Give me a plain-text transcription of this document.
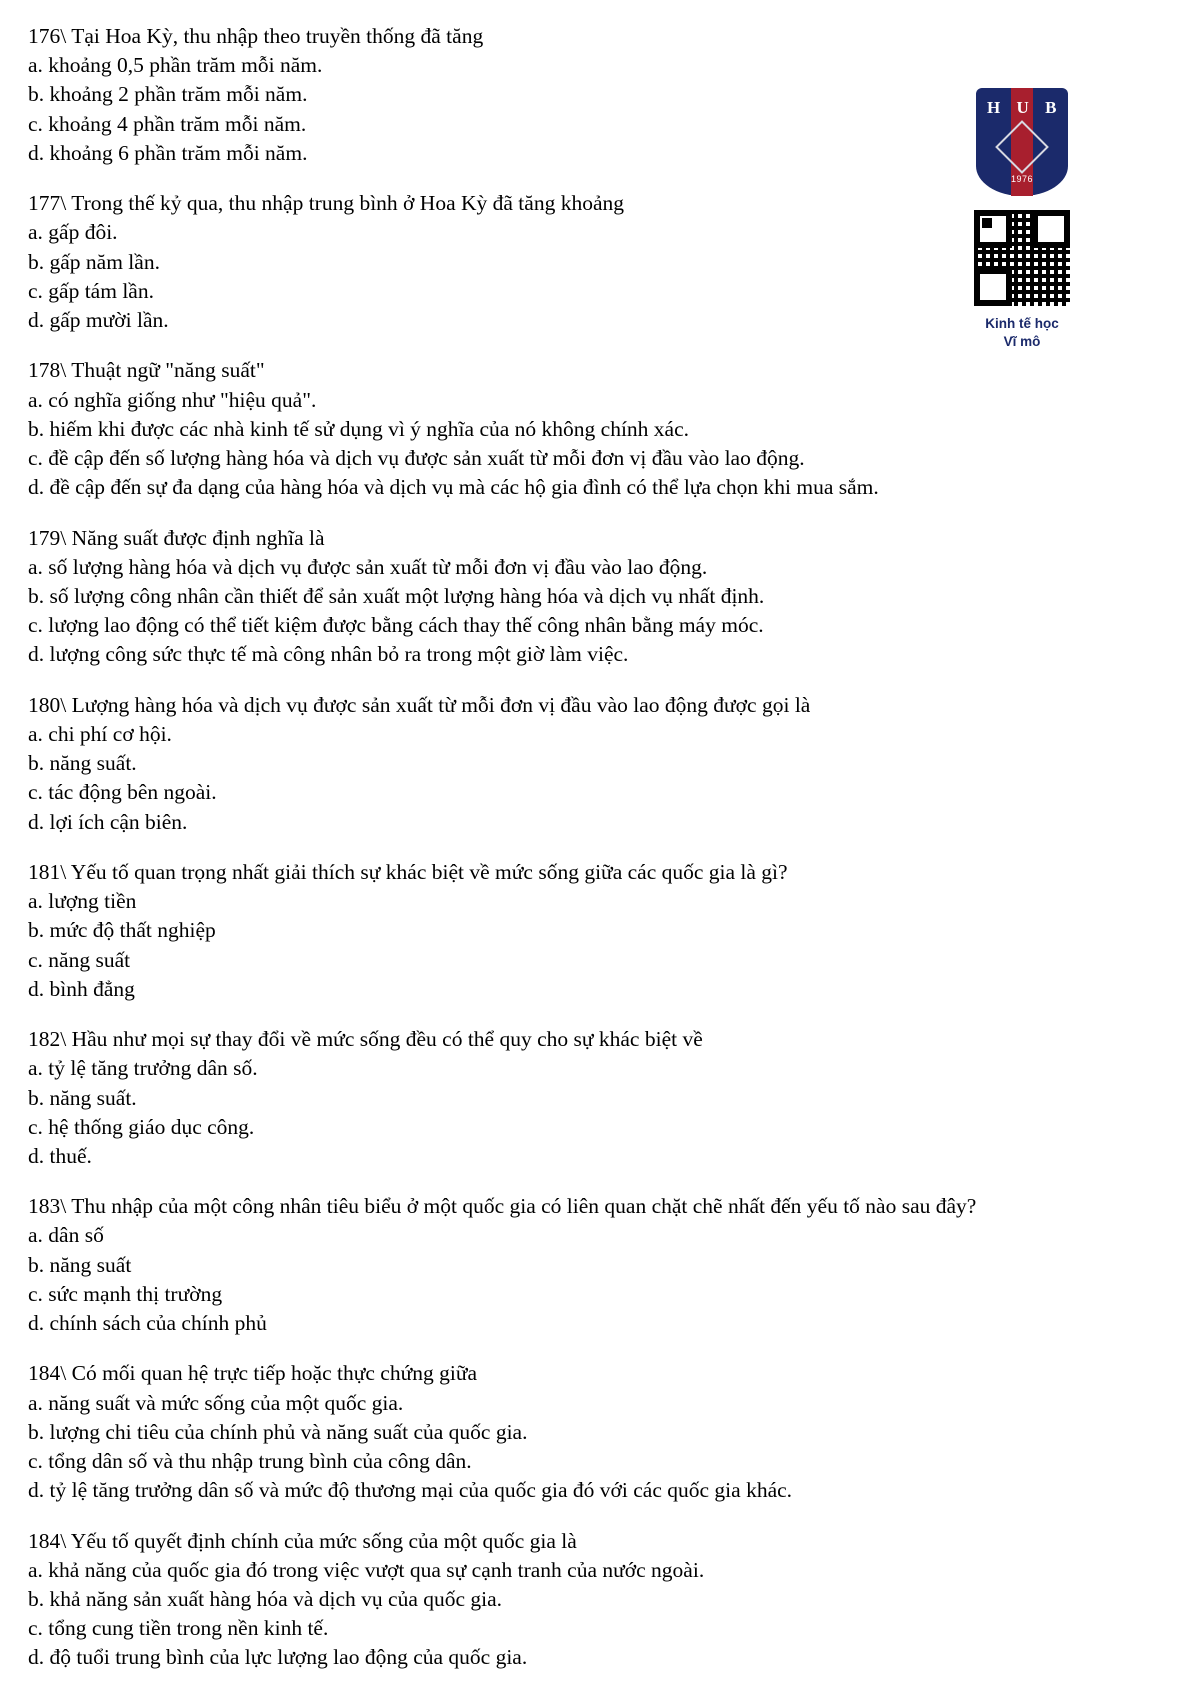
H U B
1976
Kinh tế học
Vĩ mô
176\ Tại Hoa Kỳ, thu nhập theo truyền thống đã tăng
a. khoảng 0,5 phần trăm mỗi năm.
b. khoảng 2 phần trăm mỗi năm.
c. khoảng 4 phần trăm mỗi năm.
d. khoảng 6 phần trăm mỗi năm.
177\ Trong thế kỷ qua, thu nhập trung bình ở Hoa Kỳ đã tăng khoảng
a. gấp đôi.
b. gấp năm lần.
c. gấp tám lần.
d. gấp mười lần.
178\ Thuật ngữ "năng suất"
a. có nghĩa giống như "hiệu quả".
b. hiếm khi được các nhà kinh tế sử dụng vì ý nghĩa của nó không chính xác.
c. đề cập đến số lượng hàng hóa và dịch vụ được sản xuất từ mỗi đơn vị đầu vào lao động.
d. đề cập đến sự đa dạng của hàng hóa và dịch vụ mà các hộ gia đình có thể lựa chọn khi mua sắm.
179\ Năng suất được định nghĩa là
a. số lượng hàng hóa và dịch vụ được sản xuất từ mỗi đơn vị đầu vào lao động.
b. số lượng công nhân cần thiết để sản xuất một lượng hàng hóa và dịch vụ nhất định.
c. lượng lao động có thể tiết kiệm được bằng cách thay thế công nhân bằng máy móc.
d. lượng công sức thực tế mà công nhân bỏ ra trong một giờ làm việc.
180\ Lượng hàng hóa và dịch vụ được sản xuất từ mỗi đơn vị đầu vào lao động được gọi là
a. chi phí cơ hội.
b. năng suất.
c. tác động bên ngoài.
d. lợi ích cận biên.
181\ Yếu tố quan trọng nhất giải thích sự khác biệt về mức sống giữa các quốc gia là gì?
a. lượng tiền
b. mức độ thất nghiệp
c. năng suất
d. bình đẳng
182\ Hầu như mọi sự thay đổi về mức sống đều có thể quy cho sự khác biệt về
a. tỷ lệ tăng trưởng dân số.
b. năng suất.
c. hệ thống giáo dục công.
d. thuế.
183\ Thu nhập của một công nhân tiêu biểu ở một quốc gia có liên quan chặt chẽ nhất đến yếu tố nào sau đây?
a. dân số
b. năng suất
c. sức mạnh thị trường
d. chính sách của chính phủ
184\ Có mối quan hệ trực tiếp hoặc thực chứng giữa
a. năng suất và mức sống của một quốc gia.
b. lượng chi tiêu của chính phủ và năng suất của quốc gia.
c. tổng dân số và thu nhập trung bình của công dân.
d. tỷ lệ tăng trưởng dân số và mức độ thương mại của quốc gia đó với các quốc gia khác.
184\ Yếu tố quyết định chính của mức sống của một quốc gia là
a. khả năng của quốc gia đó trong việc vượt qua sự cạnh tranh của nước ngoài.
b. khả năng sản xuất hàng hóa và dịch vụ của quốc gia.
c. tổng cung tiền trong nền kinh tế.
d. độ tuổi trung bình của lực lượng lao động của quốc gia.
